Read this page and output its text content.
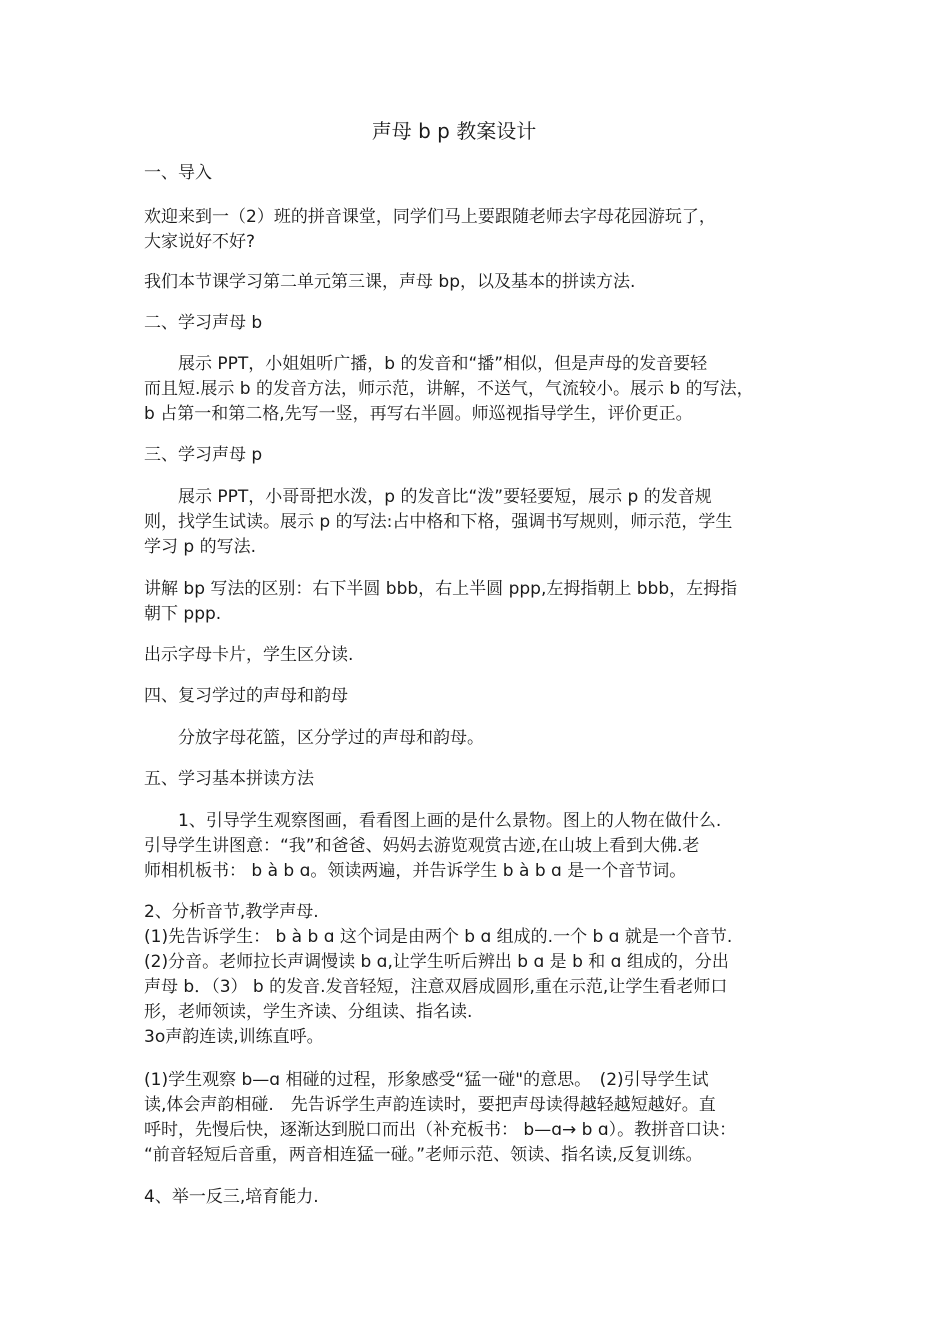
声母 b p 教案设计
一、导入
欢迎来到一（2）班的拼音课堂，同学们马上要跟随老师去字母花园游玩了，
大家说好不好?
我们本节课学习第二单元第三课，声母 bp，以及基本的拼读方法.
二、学习声母 b
　　展示 PPT，小姐姐听广播，b 的发音和“播”相似，但是声母的发音要轻
而且短.展示 b 的发音方法，师示范，讲解，不送气，气流较小。展示 b 的写法，
b 占第一和第二格,先写一竖，再写右半圆。师巡视指导学生，评价更正。
三、学习声母 p
　　展示 PPT，小哥哥把水泼，p 的发音比“泼”要轻要短，展示 p 的发音规
则，找学生试读。展示 p 的写法:占中格和下格，强调书写规则，师示范，学生
学习 p 的写法.
讲解 bp 写法的区别：右下半圆 bbb，右上半圆 ppp,左拇指朝上 bbb，左拇指
朝下 ppp.
出示字母卡片，学生区分读.
四、复习学过的声母和韵母
　　分放字母花篮，区分学过的声母和韵母。
五、学习基本拼读方法
　　1、引导学生观察图画，看看图上画的是什么景物。图上的人物在做什么.
引导学生讲图意：“我”和爸爸、妈妈去游览观赏古迹,在山坡上看到大佛.老
师相机板书： b à b ɑ。领读两遍，并告诉学生 b à b ɑ 是一个音节词。
2、分析音节,教学声母.
(1)先告诉学生： b à b ɑ 这个词是由两个 b ɑ 组成的.一个 b ɑ 就是一个音节.
(2)分音。老师拉长声调慢读 b ɑ,让学生听后辨出 b ɑ 是 b 和 ɑ 组成的，分出
声母 b．（3） b 的发音.发音轻短，注意双唇成圆形,重在示范,让学生看老师口
形，老师领读，学生齐读、分组读、指名读.
3o声韵连读,训练直呼。
(1)学生观察 b—ɑ 相碰的过程，形象感受“猛一碰"的意思。　(2)引导学生试
读,体会声韵相碰.　先告诉学生声韵连读时，要把声母读得越轻越短越好。直
呼时，先慢后快，逐渐达到脱口而出（补充板书： b—ɑ→ b ɑ）。教拼音口诀：
“前音轻短后音重，两音相连猛一碰。”老师示范、领读、指名读,反复训练。
4、举一反三,培育能力.
